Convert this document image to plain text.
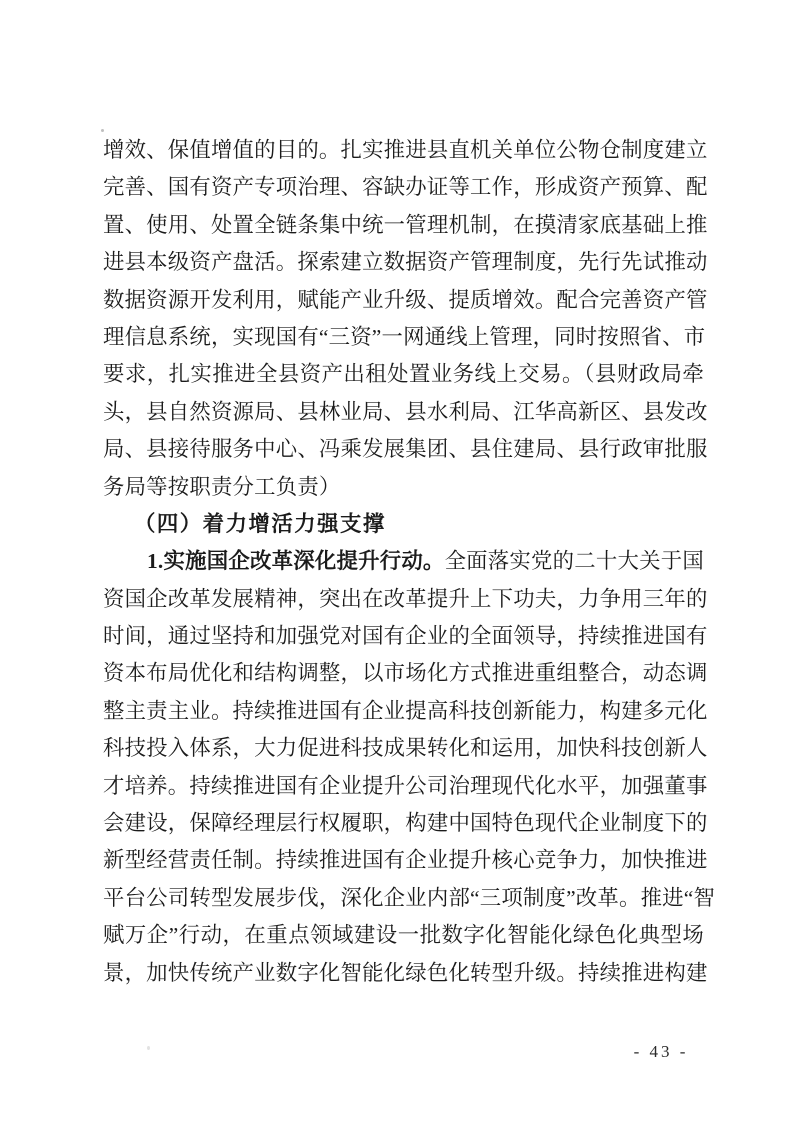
增效、保值增值的目的。扎实推进县直机关单位公物仓制度建立
完善、国有资产专项治理、容缺办证等工作，形成资产预算、配
置、使用、处置全链条集中统一管理机制，在摸清家底基础上推
进县本级资产盘活。探索建立数据资产管理制度，先行先试推动
数据资源开发利用，赋能产业升级、提质增效。配合完善资产管
理信息系统，实现国有“三资”一网通线上管理，同时按照省、市
要求，扎实推进全县资产出租处置业务线上交易。（县财政局牵
头，县自然资源局、县林业局、县水利局、江华高新区、县发改
局、县接待服务中心、冯乘发展集团、县住建局、县行政审批服
务局等按职责分工负责）
（四）着力增活力强支撑
1.实施国企改革深化提升行动。全面落实党的二十大关于国
资国企改革发展精神，突出在改革提升上下功夫，力争用三年的
时间，通过坚持和加强党对国有企业的全面领导，持续推进国有
资本布局优化和结构调整，以市场化方式推进重组整合，动态调
整主责主业。持续推进国有企业提高科技创新能力，构建多元化
科技投入体系，大力促进科技成果转化和运用，加快科技创新人
才培养。持续推进国有企业提升公司治理现代化水平，加强董事
会建设，保障经理层行权履职，构建中国特色现代企业制度下的
新型经营责任制。持续推进国有企业提升核心竞争力，加快推进
平台公司转型发展步伐，深化企业内部“三项制度”改革。推进“智
赋万企”行动，在重点领域建设一批数字化智能化绿色化典型场
景，加快传统产业数字化智能化绿色化转型升级。持续推进构建
- 43 -
